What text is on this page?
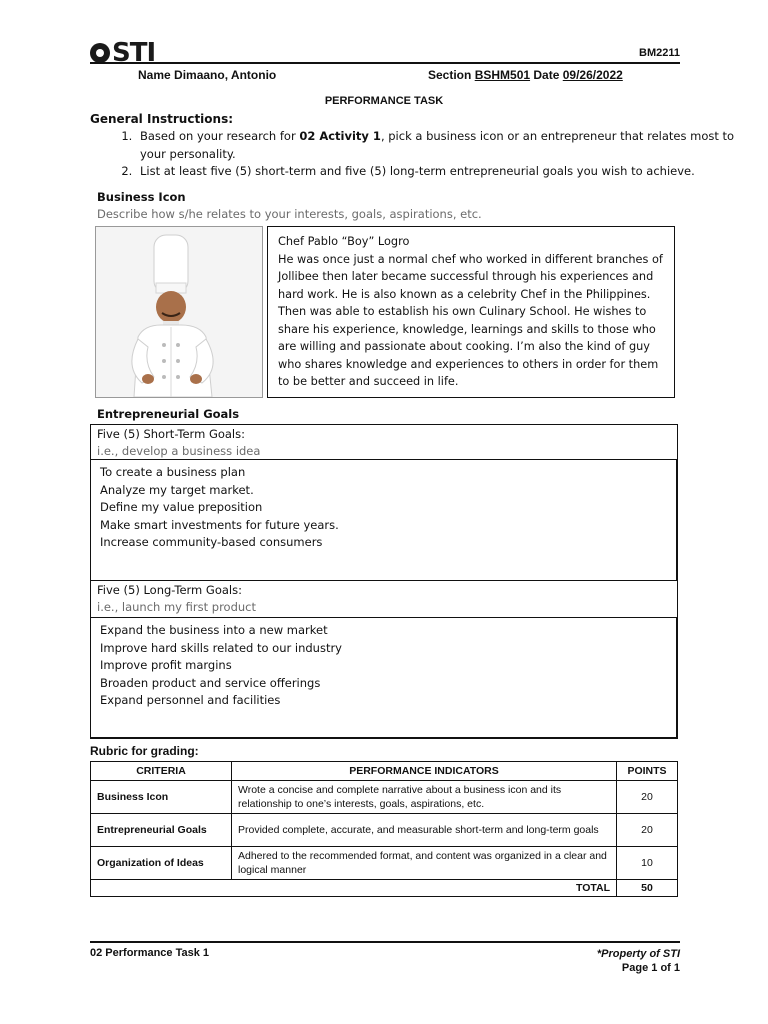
STI	BM2211
Name Dimaano, Antonio	Section BSHM501 Date 09/26/2022
PERFORMANCE TASK
General Instructions:
1. Based on your research for 02 Activity 1, pick a business icon or an entrepreneur that relates most to your personality.
2. List at least five (5) short-term and five (5) long-term entrepreneurial goals you wish to achieve.
Business Icon
Describe how s/he relates to your interests, goals, aspirations, etc.
Chef Pablo “Boy” Logro
He was once just a normal chef who worked in different branches of
Jollibee then later became successful through his experiences and
hard work. He is also known as a celebrity Chef in the Philippines.
Then was able to establish his own Culinary School. He wishes to
share his experience, knowledge, learnings and skills to those who
are willing and passionate about cooking. I’m also the kind of guy
who shares knowledge and experiences to others in order for them
to be better and succeed in life.
Entrepreneurial Goals
Five (5) Short-Term Goals:
i.e., develop a business idea
To create a business plan
Analyze my target market.
Define my value preposition
Make smart investments for future years.
Increase community-based consumers
Five (5) Long-Term Goals:
i.e., launch my first product
Expand the business into a new market
Improve hard skills related to our industry
Improve profit margins
Broaden product and service offerings
Expand personnel and facilities
Rubric for grading:
CRITERIA	PERFORMANCE INDICATORS	POINTS
Business Icon	Wrote a concise and complete narrative about a business icon and its relationship to one’s interests, goals, aspirations, etc.	20
Entrepreneurial Goals	Provided complete, accurate, and measurable short-term and long-term goals	20
Organization of Ideas	Adhered to the recommended format, and content was organized in a clear and logical manner	10
TOTAL		50
02 Performance Task 1	*Property of STI
Page 1 of 1
